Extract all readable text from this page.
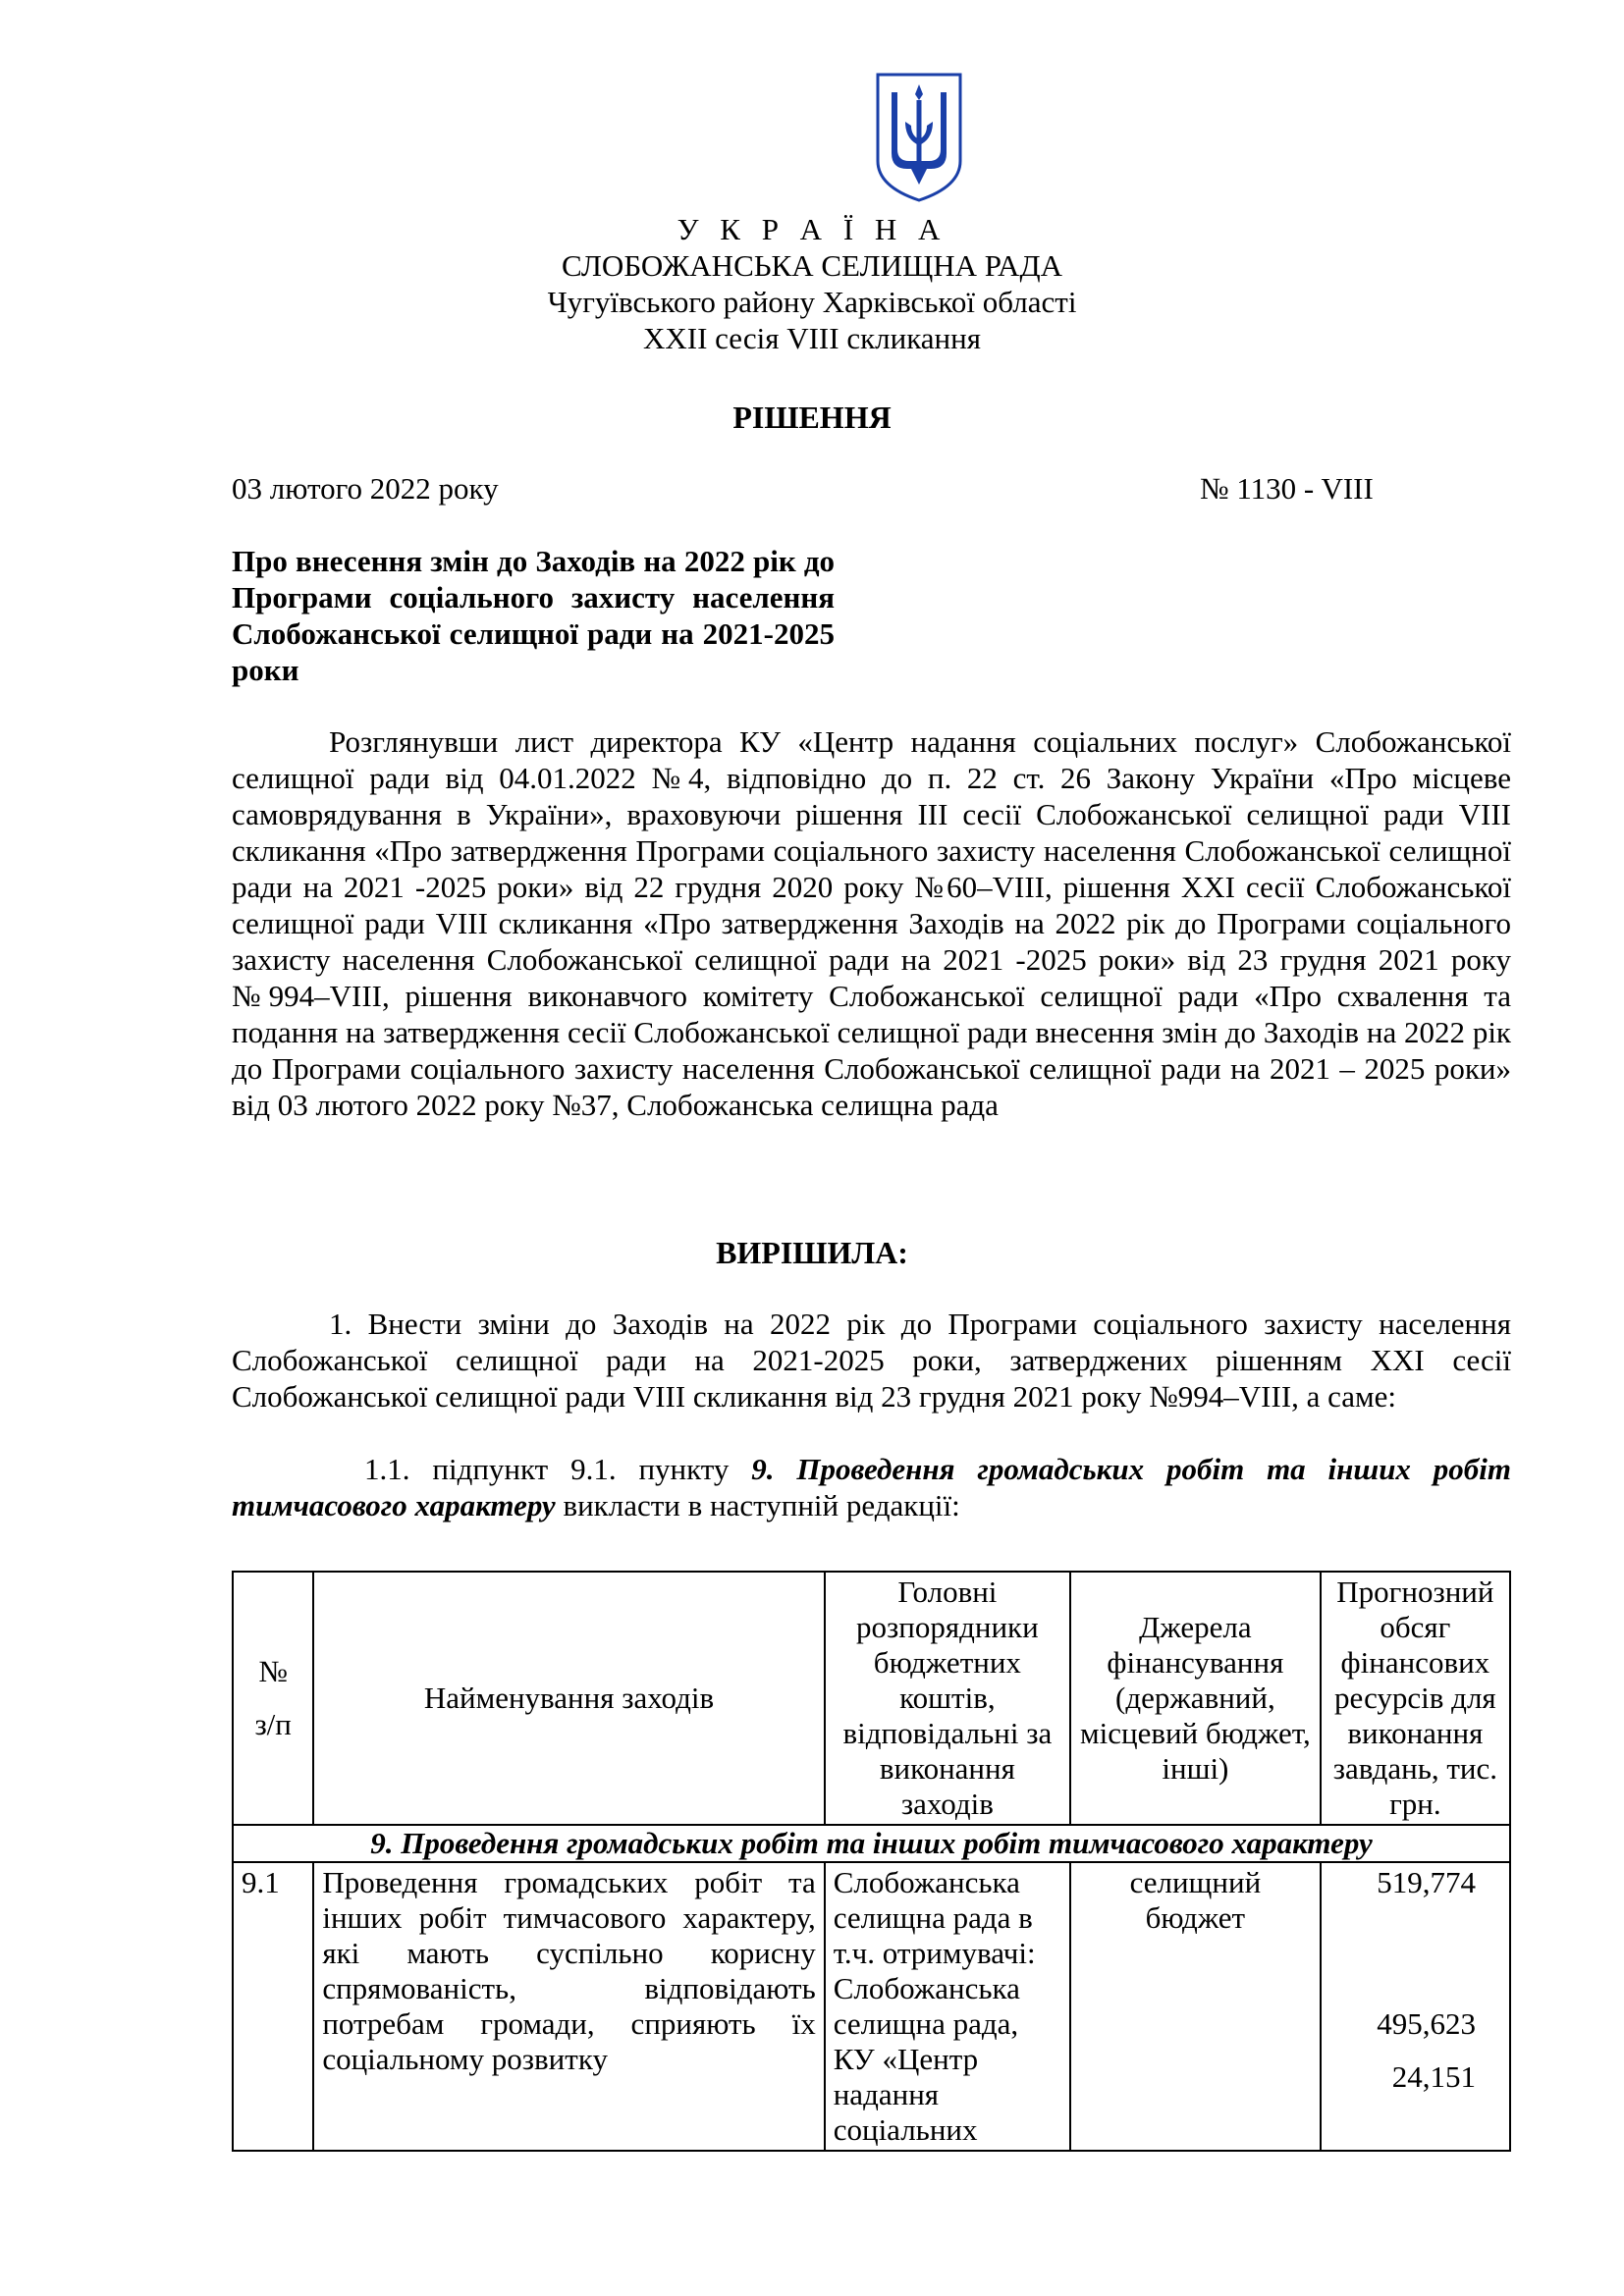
У К Р А Ї Н А
СЛОБОЖАНСЬКА СЕЛИЩНА РАДА
Чугуївського району Харківської області
XXII сесія VIII скликання
РІШЕННЯ
03 лютого 2022 року	№ 1130 - VIII
Про внесення змін до Заходів на 2022 рік до Програми соціального захисту населення Слобожанської селищної ради на 2021-2025 роки

Розглянувши лист директора КУ «Центр надання соціальних послуг» Слобожанської селищної ради від 04.01.2022 №4, відповідно до п. 22 ст. 26 Закону України «Про місцеве самоврядування в України», враховуючи рішення III сесії Слобожанської селищної ради VIII скликання «Про затвердження Програми соціального захисту населення Слобожанської селищної ради на 2021 -2025 роки» від 22 грудня 2020 року №60–VIII, рішення XXI сесії Слобожанської селищної ради VIII скликання «Про затвердження Заходів на 2022 рік до Програми соціального захисту населення Слобожанської селищної ради на 2021 -2025 роки» від 23 грудня 2021 року №994–VIII, рішення виконавчого комітету Слобожанської селищної ради «Про схвалення та подання на затвердження сесії Слобожанської селищної ради внесення змін до Заходів на 2022 рік до Програми соціального захисту населення Слобожанської селищної ради на 2021 – 2025 роки» від 03 лютого 2022 року №37, Слобожанська селищна рада

ВИРІШИЛА:

1. Внести зміни до Заходів на 2022 рік до Програми соціального захисту населення Слобожанської селищної ради на 2021-2025 роки, затверджених рішенням XXI сесії Слобожанської селищної ради VIII скликання від 23 грудня 2021 року №994–VIII, а саме:

1.1. підпункт 9.1. пункту 9. Проведення громадських робіт та інших робіт тимчасового характеру викласти в наступній редакції:

№
з/п	Найменування заходів	Головні розпорядники бюджетних коштів, відповідальні за виконання заходів	Джерела фінансування (державний, місцевий бюджет, інші)	Прогнозний обсяг фінансових ресурсів для виконання завдань, тис. грн.
9. Проведення громадських робіт та інших робіт тимчасового характеру				
9.1	Проведення громадських робіт та інших робіт тимчасового характеру, які мають суспільно корисну спрямованість, відповідають потребам громади, сприяють їх соціальному розвитку	Слобожанська селищна рада в т.ч. отримувачі: Слобожанська селищна рада, КУ «Центр надання соціальних	селищний бюджет	519,774
495,623
24,151
